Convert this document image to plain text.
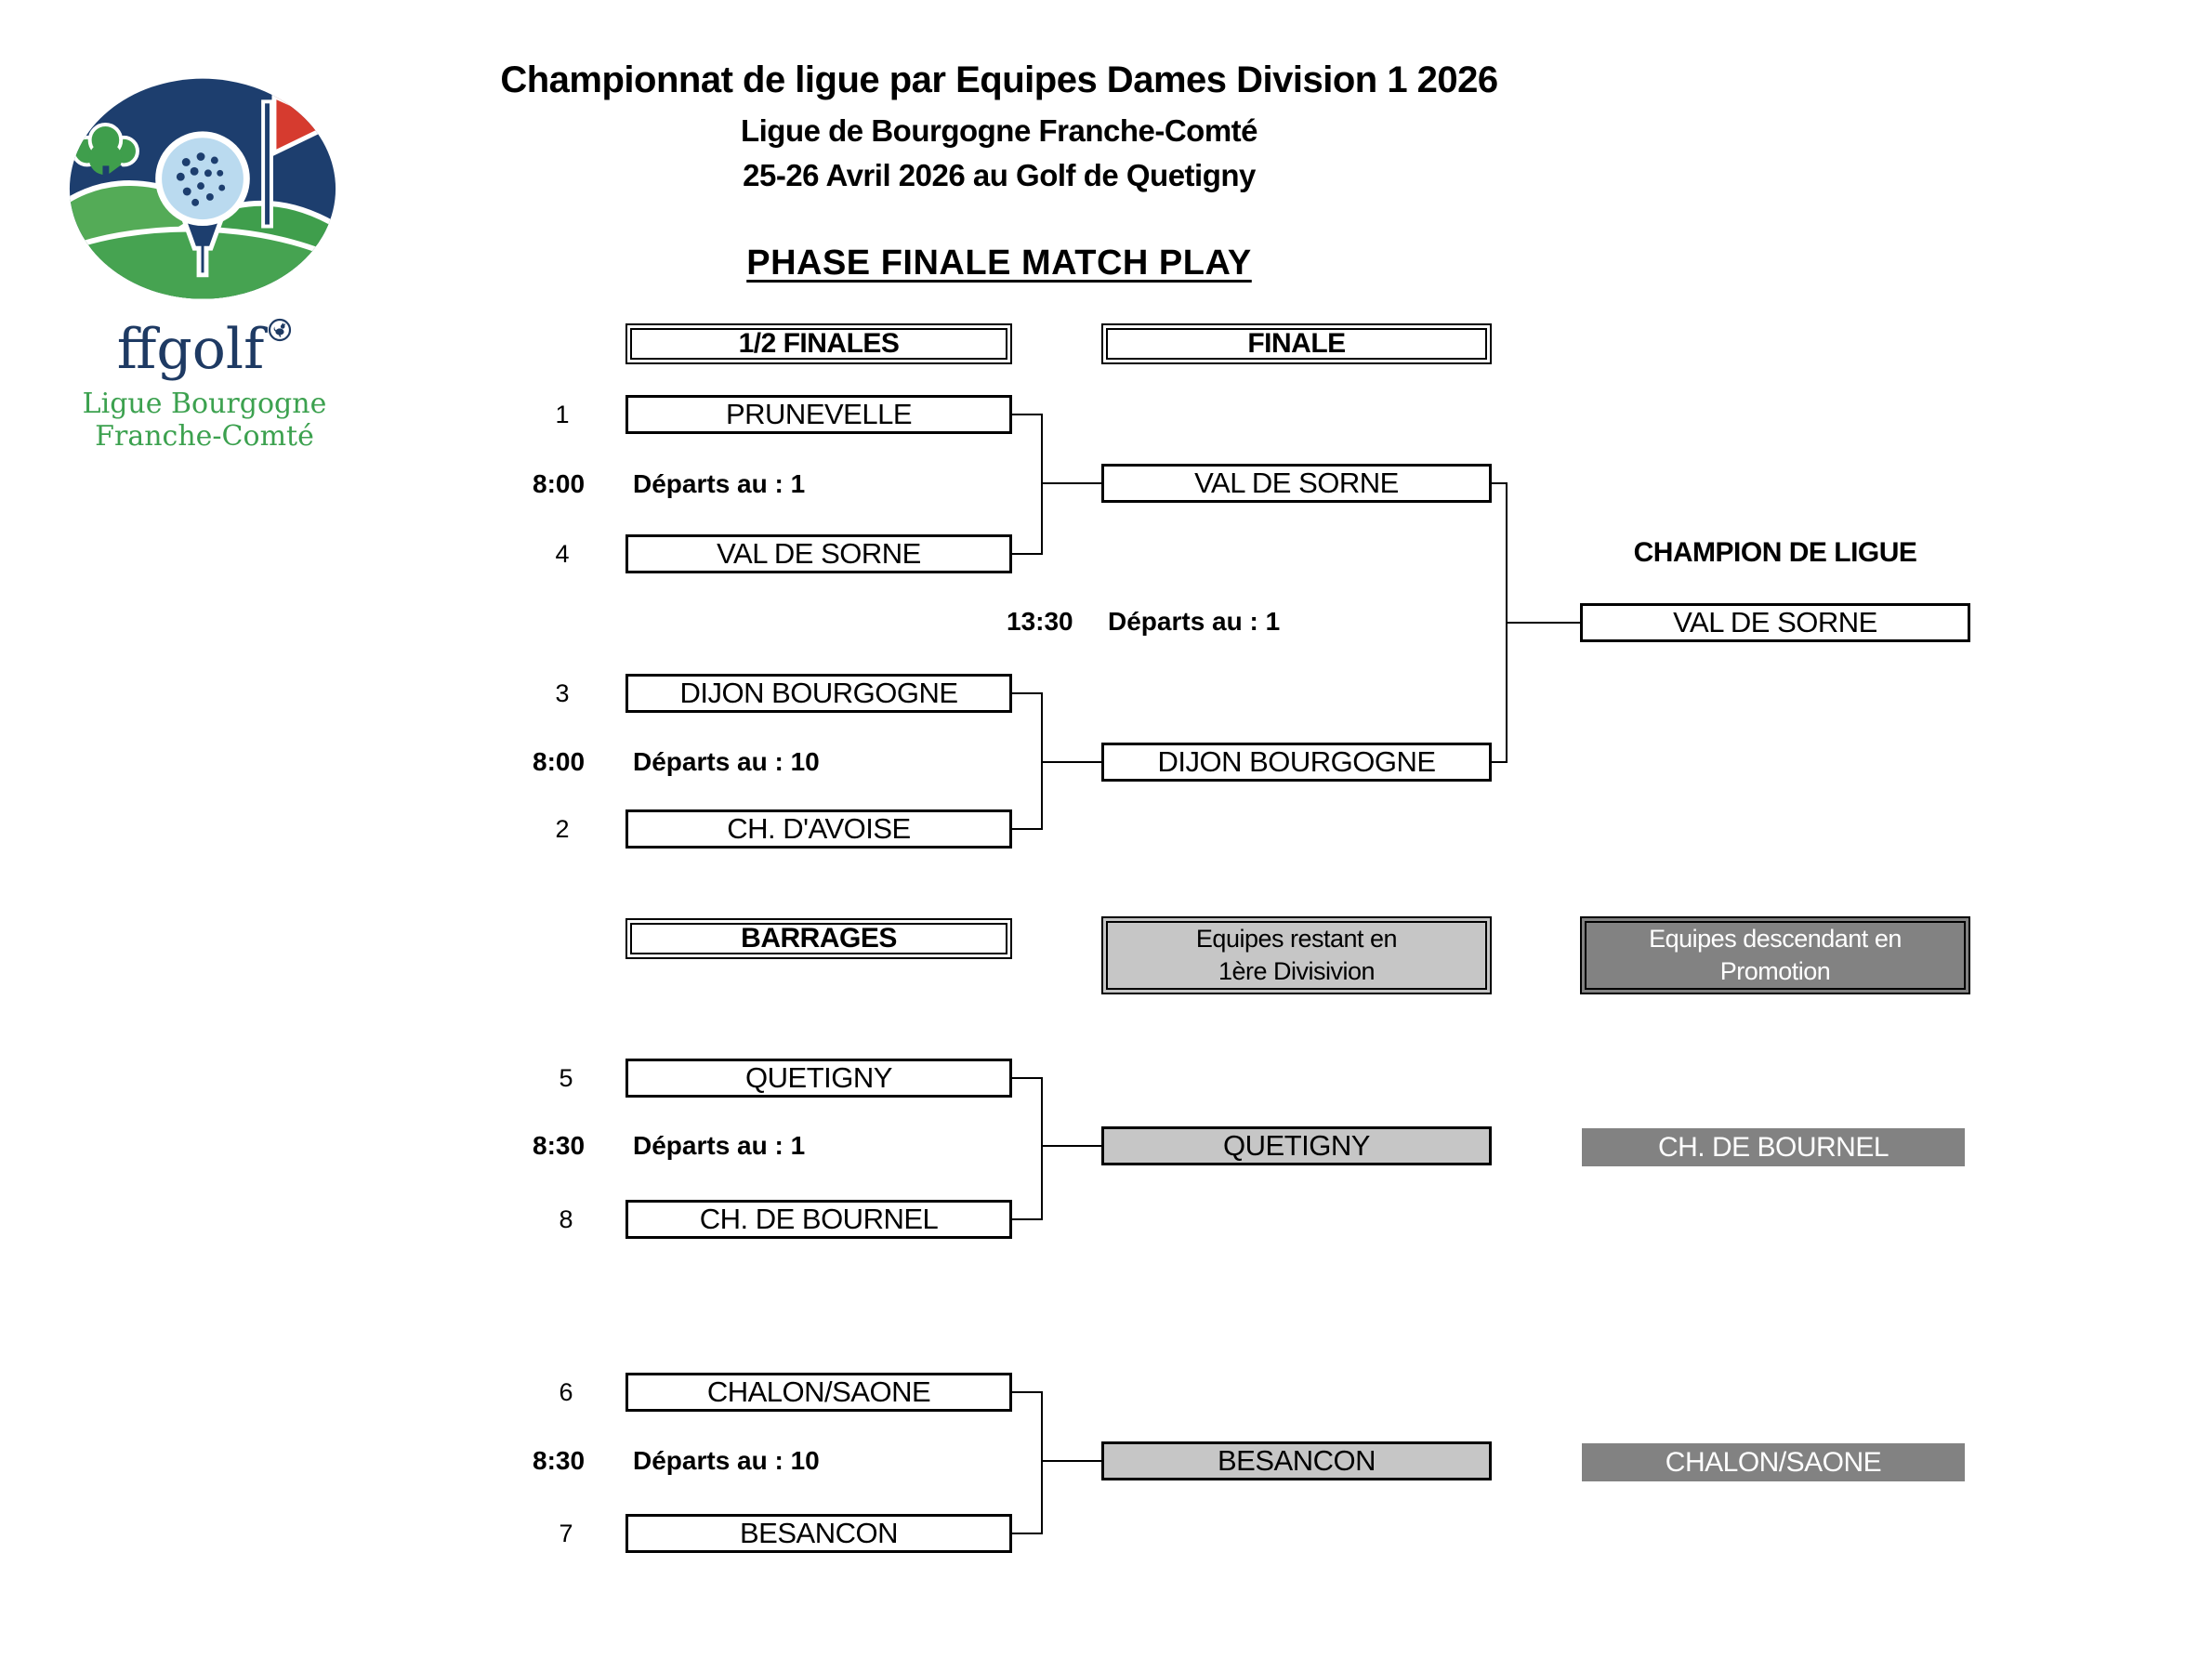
ffgolf
Ligue Bourgogne
Franche-Comté
Championnat de ligue par Equipes Dames Division 1 2026
Ligue de Bourgogne Franche-Comté
25-26 Avril 2026 au Golf de Quetigny
PHASE FINALE MATCH PLAY
1/2 FINALES	FINALE
1	PRUNEVELLE
8:00 Départs au : 1
4	VAL DE SORNE
VAL DE SORNE
13:30 Départs au : 1
CHAMPION DE LIGUE
VAL DE SORNE
3	DIJON BOURGOGNE
8:00 Départs au : 10
2	CH. D'AVOISE
DIJON BOURGOGNE
BARRAGES	Equipes restant en
1ère Divisivion
Equipes descendant en
Promotion
5	QUETIGNY
8:30 Départs au : 1
8	CH. DE BOURNEL
QUETIGNY	CH. DE BOURNEL
6	CHALON/SAONE
8:30 Départs au : 10
7	BESANCON
BESANCON	CHALON/SAONE
